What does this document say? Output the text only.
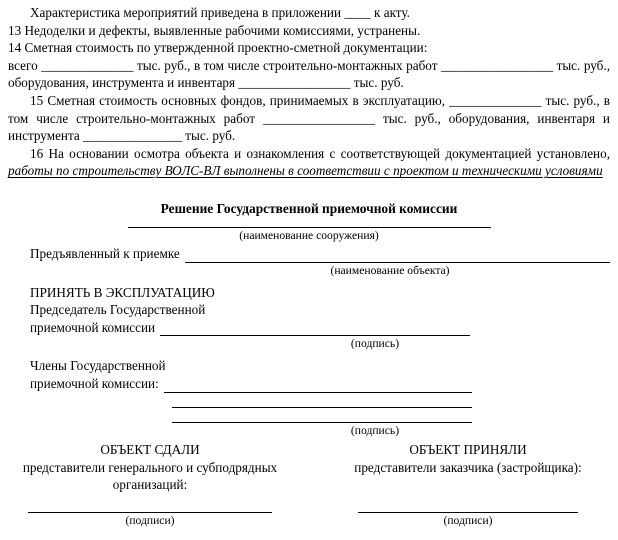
Характеристика мероприятий приведена в приложении ____ к акту.

13 Недоделки и дефекты, выявленные рабочими комиссиями, устранены.

14 Сметная стоимость по утвержденной проектно-сметной документации:

всего ______________ тыс. руб., в том числе строительно-монтажных работ _________________ тыс. руб., оборудования, инструмента и инвентаря _________________ тыс. руб.

15 Сметная стоимость основных фондов, принимаемых в эксплуатацию, ______________ тыс. руб., в том числе строительно-монтажных работ _________________ тыс. руб., оборудования, инвентаря и инструмента _______________ тыс. руб.

16 На основании осмотра объекта и ознакомления с соответствующей документацией установлено, работы по строительству ВОЛС-ВЛ выполнены в соответствии с проектом и техническими условиями

Решение Государственной приемочной комиссии
(наименование сооружения)
Предъявленный к приемке
(наименование объекта)
ПРИНЯТЬ В ЭКСПЛУАТАЦИЮ
Председатель Государственной
приемочной комиссии
(подпись)
Члены Государственной
приемочной комиссии:
(подпись)
ОБЪЕКТ СДАЛИ
представители генерального и субподрядных
организаций:
(подписи)
ОБЪЕКТ ПРИНЯЛИ
представители заказчика (застройщика):

(подписи)
